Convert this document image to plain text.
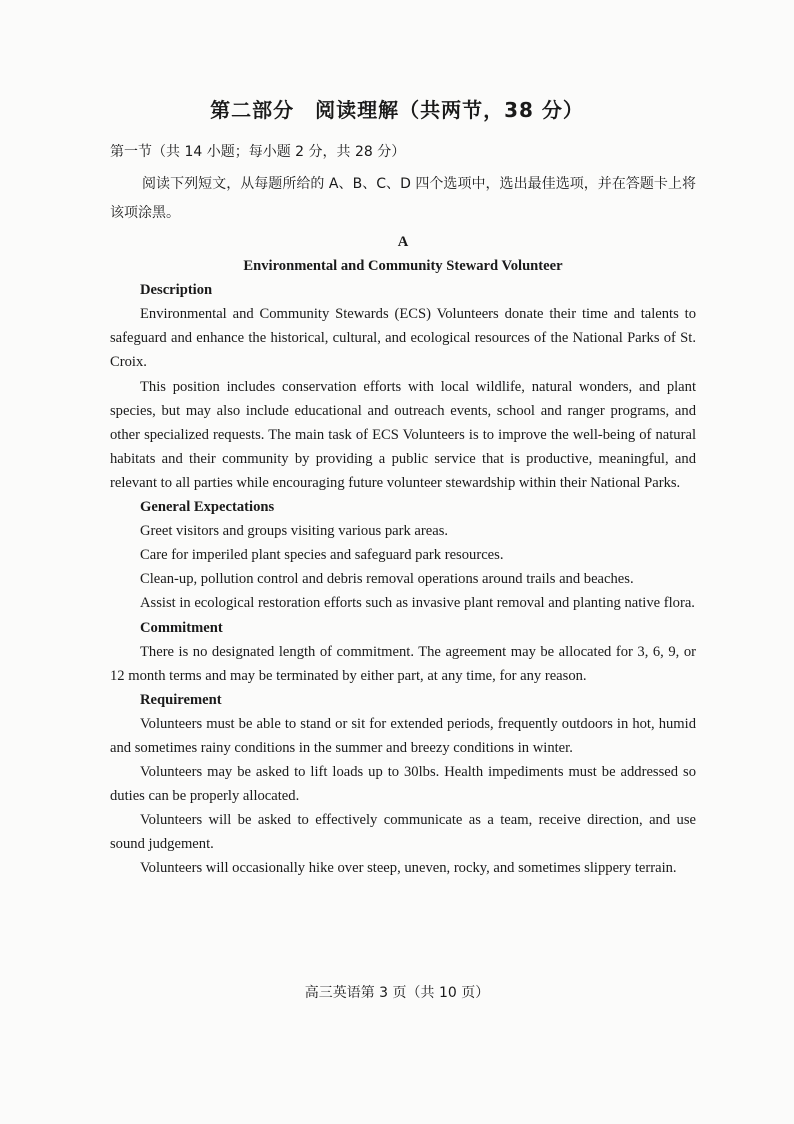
第二部分　阅读理解（共两节，38 分）
第一节（共 14 小题；每小题 2 分，共 28 分）
阅读下列短文，从每题所给的 A、B、C、D 四个选项中，选出最佳选项，并在答题卡上将该项涂黑。
A
Environmental and Community Steward Volunteer
Description

Environmental and Community Stewards (ECS) Volunteers donate their time and talents to safeguard and enhance the historical, cultural, and ecological resources of the National Parks of St. Croix.

This position includes conservation efforts with local wildlife, natural wonders, and plant species, but may also include educational and outreach events, school and ranger programs, and other specialized requests. The main task of ECS Volunteers is to improve the well-being of natural habitats and their community by providing a public service that is productive, meaningful, and relevant to all parties while encouraging future volunteer stewardship within their National Parks.

General Expectations

Greet visitors and groups visiting various park areas.

Care for imperiled plant species and safeguard park resources.

Clean-up, pollution control and debris removal operations around trails and beaches.

Assist in ecological restoration efforts such as invasive plant removal and planting native flora.

Commitment

There is no designated length of commitment. The agreement may be allocated for 3, 6, 9, or 12 month terms and may be terminated by either part, at any time, for any reason.

Requirement

Volunteers must be able to stand or sit for extended periods, frequently outdoors in hot, humid and sometimes rainy conditions in the summer and breezy conditions in winter.

Volunteers may be asked to lift loads up to 30lbs. Health impediments must be addressed so duties can be properly allocated.

Volunteers will be asked to effectively communicate as a team, receive direction, and use sound judgement.

Volunteers will occasionally hike over steep, uneven, rocky, and sometimes slippery terrain.

高三英语第 3 页（共 10 页）
